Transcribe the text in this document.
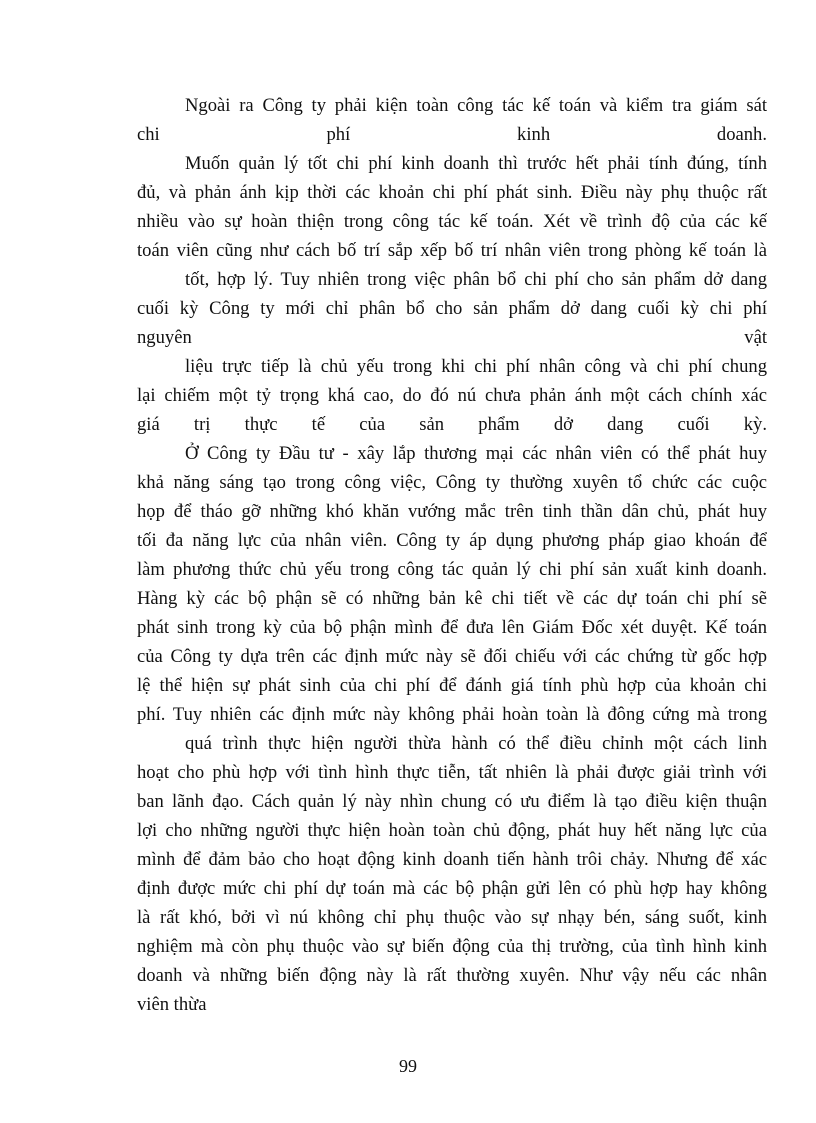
Ngoài ra Công ty phải kiện toàn công tác kế toán và kiểm tra giám sát
chi phí kinh doanh.
Muốn quản lý tốt chi phí kinh doanh thì trước hết phải tính đúng, tính
đủ, và phản ánh kịp thời các khoản chi phí phát sinh. Điều này phụ thuộc rất
nhiều vào sự hoàn thiện trong công tác kế toán. Xét về trình độ của các kế
toán viên cũng như cách bố trí sắp xếp bố trí nhân viên trong phòng kế toán là
tốt, hợp lý. Tuy nhiên trong việc phân bổ chi phí cho sản phẩm dở dang
cuối kỳ Công ty mới chỉ phân bổ cho sản phẩm dở dang cuối kỳ chi phí
nguyên vật
liệu trực tiếp là chủ yếu trong khi chi phí nhân công và chi phí chung
lại chiếm một tỷ trọng khá cao, do đó nú chưa phản ánh một cách chính xác
giá trị thực tế của sản phẩm dở dang cuối kỳ.
Ở Công ty Đầu tư - xây lắp thương mại các nhân viên có thể phát huy
khả năng sáng tạo trong công việc, Công ty thường xuyên tổ chức các cuộc
họp để tháo gỡ những khó khăn vướng mắc trên tinh thần dân chủ, phát huy
tối đa năng lực của nhân viên. Công ty áp dụng phương pháp giao khoán để
làm phương thức chủ yếu trong công tác quản lý chi phí sản xuất kinh doanh.
Hàng kỳ các bộ phận sẽ có những bản kê chi tiết về các dự toán chi phí sẽ
phát sinh trong kỳ của bộ phận mình để đưa lên Giám Đốc xét duyệt. Kế toán
của Công ty dựa trên các định mức này sẽ đối chiếu với các chứng từ gốc hợp
lệ thể hiện sự phát sinh của chi phí để đánh giá tính phù hợp của khoản chi
phí. Tuy nhiên các định mức này không phải hoàn toàn là đông cứng mà trong
quá trình thực hiện người thừa hành có thể điều chỉnh một cách linh
hoạt cho phù hợp với tình hình thực tiễn, tất nhiên là phải được giải trình với
ban lãnh đạo. Cách quản lý này nhìn chung có ưu điểm là tạo điều kiện thuận
lợi cho những người thực hiện hoàn toàn chủ động, phát huy hết năng lực của
mình để đảm bảo cho hoạt động kinh doanh tiến hành trôi chảy. Nhưng để xác
định được mức chi phí dự toán mà các bộ phận gửi lên có phù hợp hay không
là rất khó, bởi vì nú không chỉ phụ thuộc vào sự nhạy bén, sáng suốt, kinh
nghiệm mà còn phụ thuộc vào sự biến động của thị trường, của tình hình kinh
doanh và những biến động này là rất thường xuyên. Như vậy nếu các nhân
viên thừa
99
